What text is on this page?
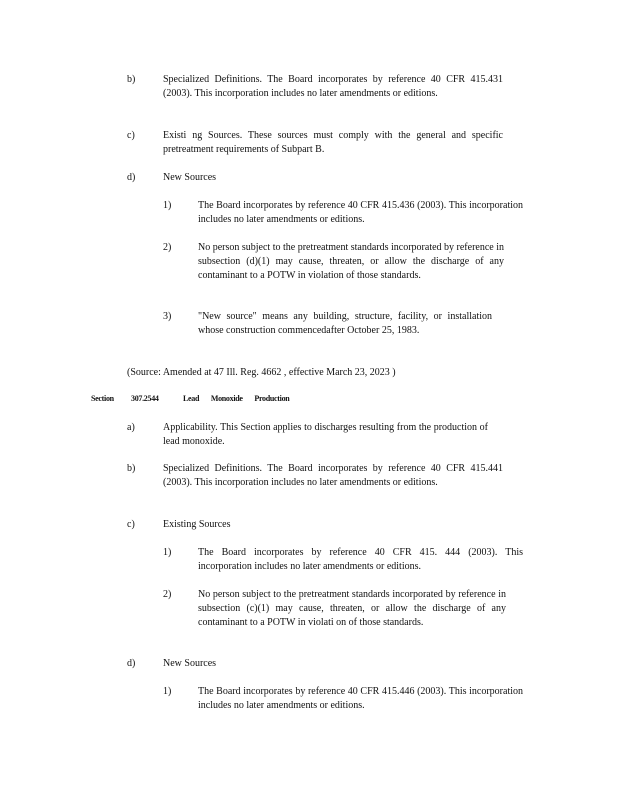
b)	Specialized Definitions. The Board incorporates by reference 40 CFR 415.431 (2003). This incorporation includes no later amendments or editions.
c)	Existi ng Sources. These sources must comply with the general and specific pretreatment requirements of Subpart B.
d)	New Sources
1)	The Board incorporates by reference 40 CFR 415.436 (2003). This incorporation includes no later amendments or editions.
2)	No person subject to the pretreatment standards incorporated by reference in subsection (d)(1) may cause, threaten, or allow the discharge of any contaminant to a POTW in violation of those standards.
3)	"New source" means any building, structure, facility, or installation whose construction commencedafter October 25, 1983.
(Source: Amended at 47 Ill. Reg. 4662 , effective March 23, 2023 )
Section 307.2544	Lead Monoxide Production
a)	Applicability. This Section applies to discharges resulting from the production of lead monoxide.
b)	Specialized Definitions. The Board incorporates by reference 40 CFR 415.441 (2003). This incorporation includes no later amendments or editions.
c)	Existing Sources
1)	The Board incorporates by reference 40 CFR 415. 444 (2003). This incorporation includes no later amendments or editions.
2)	No person subject to the pretreatment standards incorporated by reference in subsection (c)(1) may cause, threaten, or allow the discharge of any contaminant to a POTW in violati on of those standards.
d)	New Sources
1)	The Board incorporates by reference 40 CFR 415.446 (2003). This incorporation includes no later amendments or editions.
